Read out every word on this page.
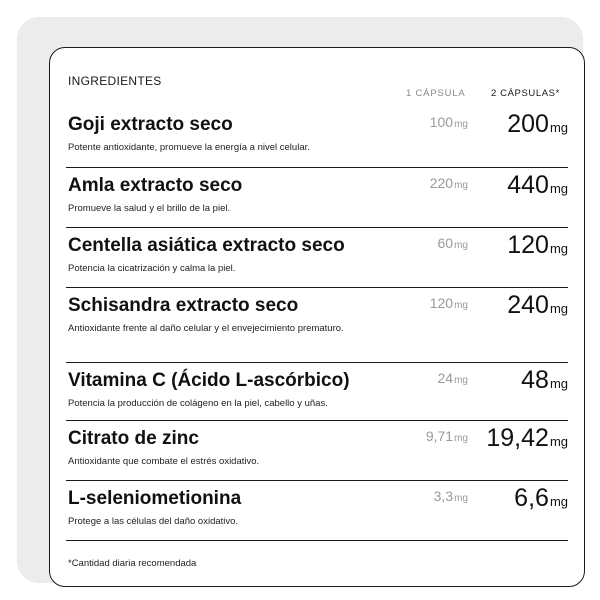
INGREDIENTES
1 CÁPSULA	2 CÁPSULAS*
Goji extracto seco
Potente antioxidante, promueve la energía a nivel celular.
100mg 200mg
Amla extracto seco
Promueve la salud y el brillo de la piel.
220mg 440mg
Centella asiática extracto seco
Potencia la cicatrización y calma la piel.
60mg 120mg
Schisandra extracto seco
Antioxidante frente al daño celular y el envejecimiento prematuro.
120mg 240mg
Vitamina C (Ácido L-ascórbico)
Potencia la producción de colágeno en la piel, cabello y uñas.
24mg 48mg
Citrato de zinc
Antioxidante que combate el estrés oxidativo.
9,71mg 19,42mg
L-seleniometionina
Protege a las células del daño oxidativo.
3,3mg 6,6mg
*Cantidad diaria recomendada
